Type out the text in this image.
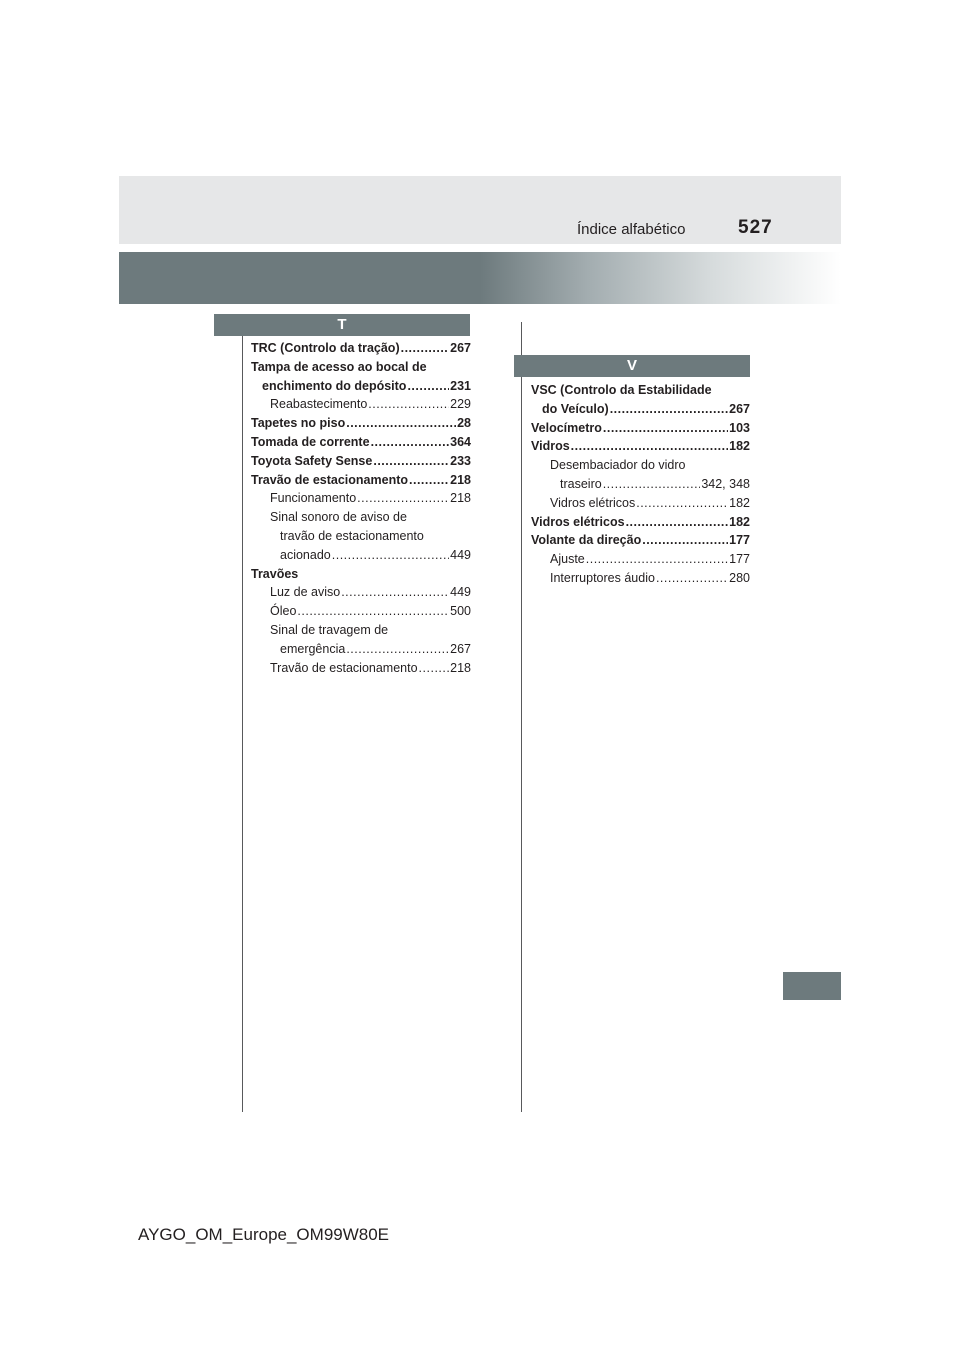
Índice alfabético	527
T
TRC (Controlo da tração) .....	267
Tampa de acesso ao bocal de
enchimento do depósito .....	231
Reabastecimento .....	229
Tapetes no piso .....	28
Tomada de corrente .....	364
Toyota Safety Sense .....	233
Travão de estacionamento .....	218
Funcionamento .....	218
Sinal sonoro de aviso de
travão de estacionamento
acionado .....	449
Travões
Luz de aviso .....	449
Óleo .....	500
Sinal de travagem de
emergência .....	267
Travão de estacionamento .....	218
V
VSC (Controlo da Estabilidade
do Veículo) .....	267
Velocímetro .....	103
Vidros .....	182
Desembaciador do vidro
traseiro .....	342, 348
Vidros elétricos .....	182
Vidros elétricos .....	182
Volante da direção .....	177
Ajuste .....	177
Interruptores áudio .....	280
AYGO_OM_Europe_OM99W80E
